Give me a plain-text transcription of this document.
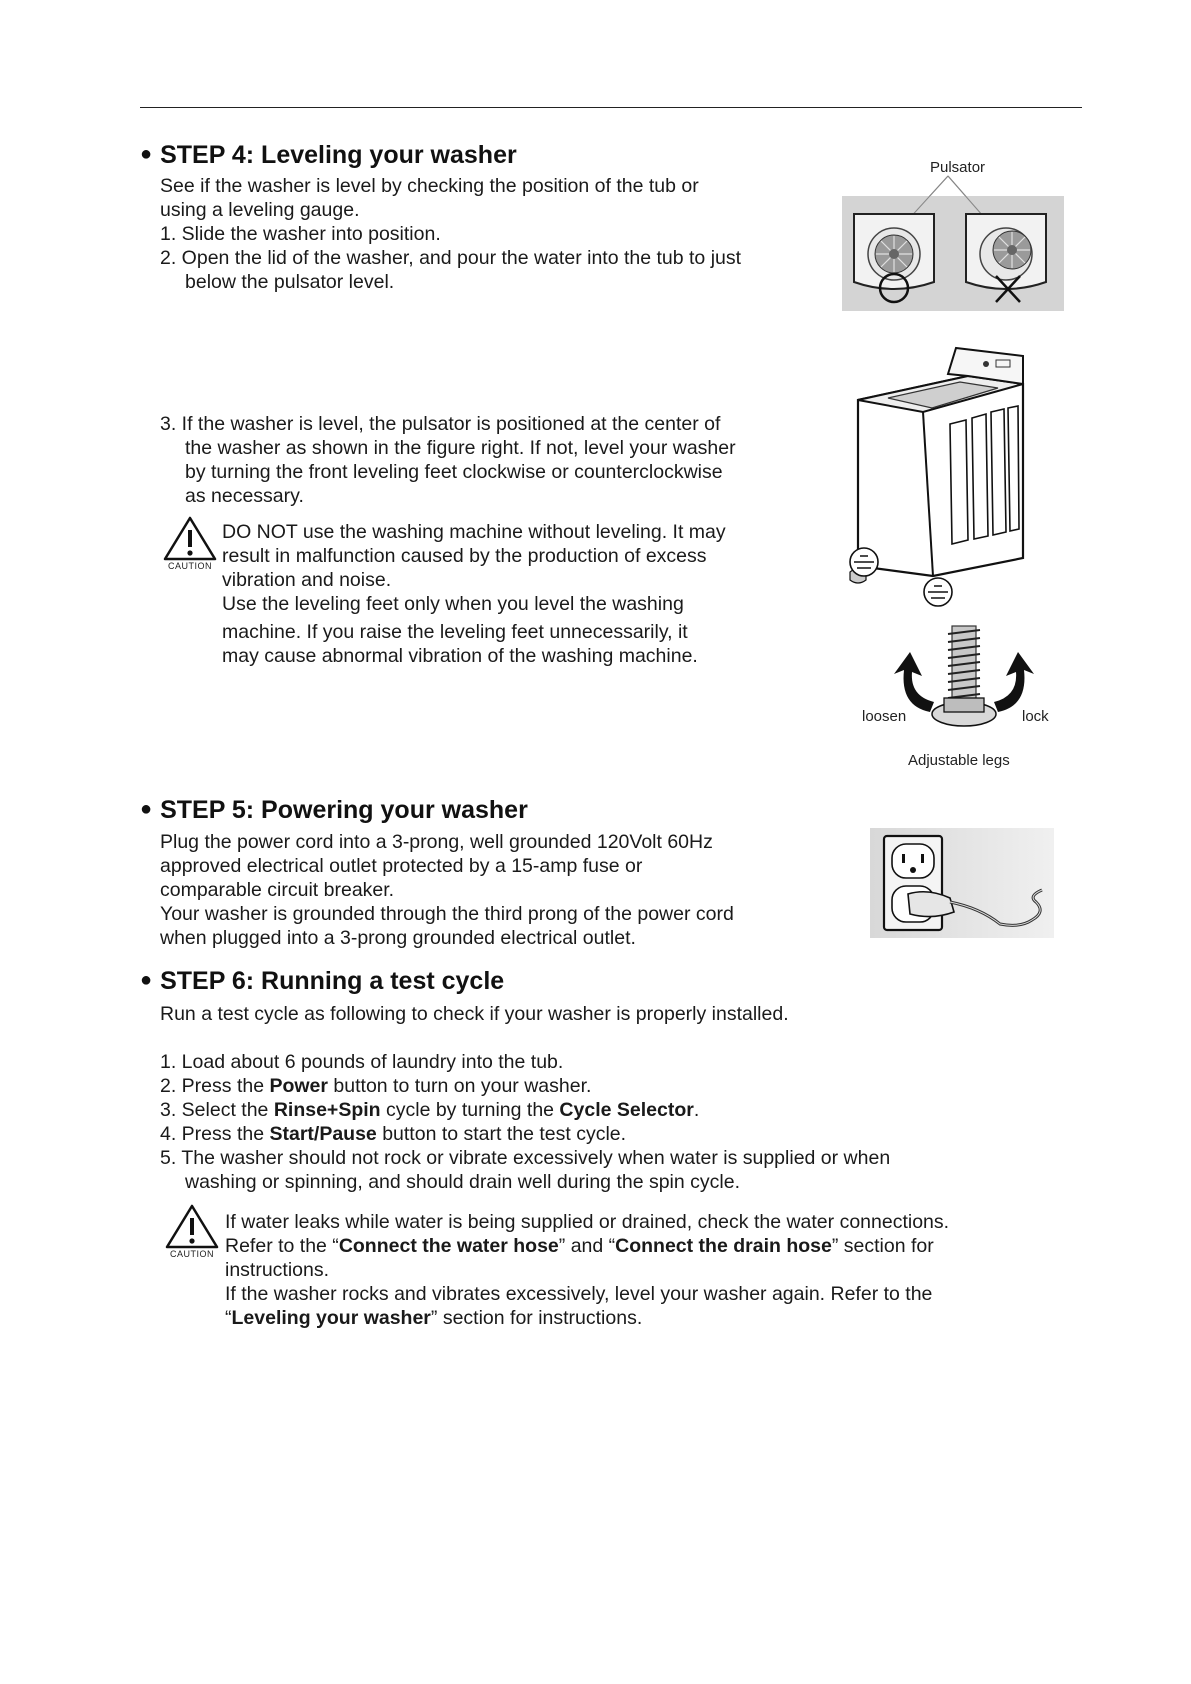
● STEP 4: Leveling your washer
See if the washer is level by checking the position of the tub or
using a leveling gauge.
1. Slide the washer into position.
2. Open the lid of the washer, and pour the water into the tub to just
below the pulsator level.
3. If the washer is level, the pulsator is positioned at the center of
the washer as shown in the figure right. If not, level your washer
by turning the front leveling feet clockwise or counterclockwise
as necessary.
CAUTION
DO NOT use the washing machine without leveling. It may
result in malfunction caused by the production of excess
vibration and noise.
Use the leveling feet only when you level the washing
machine. If you raise the leveling feet unnecessarily, it
may cause abnormal vibration of the washing machine.
Pulsator
loosen	lock
Adjustable legs
● STEP 5: Powering your washer
Plug the power cord into a 3-prong, well grounded 120Volt 60Hz
approved electrical outlet protected by a 15-amp fuse or
comparable circuit breaker.
Your washer is grounded through the third prong of the power cord
when plugged into a 3-prong grounded electrical outlet.
● STEP 6: Running a test cycle
Run a test cycle as following to check if your washer is properly installed.
1. Load about 6 pounds of laundry into the tub.
2. Press the Power button to turn on your washer.
3. Select the Rinse+Spin cycle by turning the Cycle Selector.
4. Press the Start/Pause button to start the test cycle.
5. The washer should not rock or vibrate excessively when water is supplied or when
washing or spinning, and should drain well during the spin cycle.
CAUTION
If water leaks while water is being supplied or drained, check the water connections.
Refer to the “Connect the water hose” and “Connect the drain hose” section for
instructions.
If the washer rocks and vibrates excessively, level your washer again. Refer to the
“Leveling your washer” section for instructions.
